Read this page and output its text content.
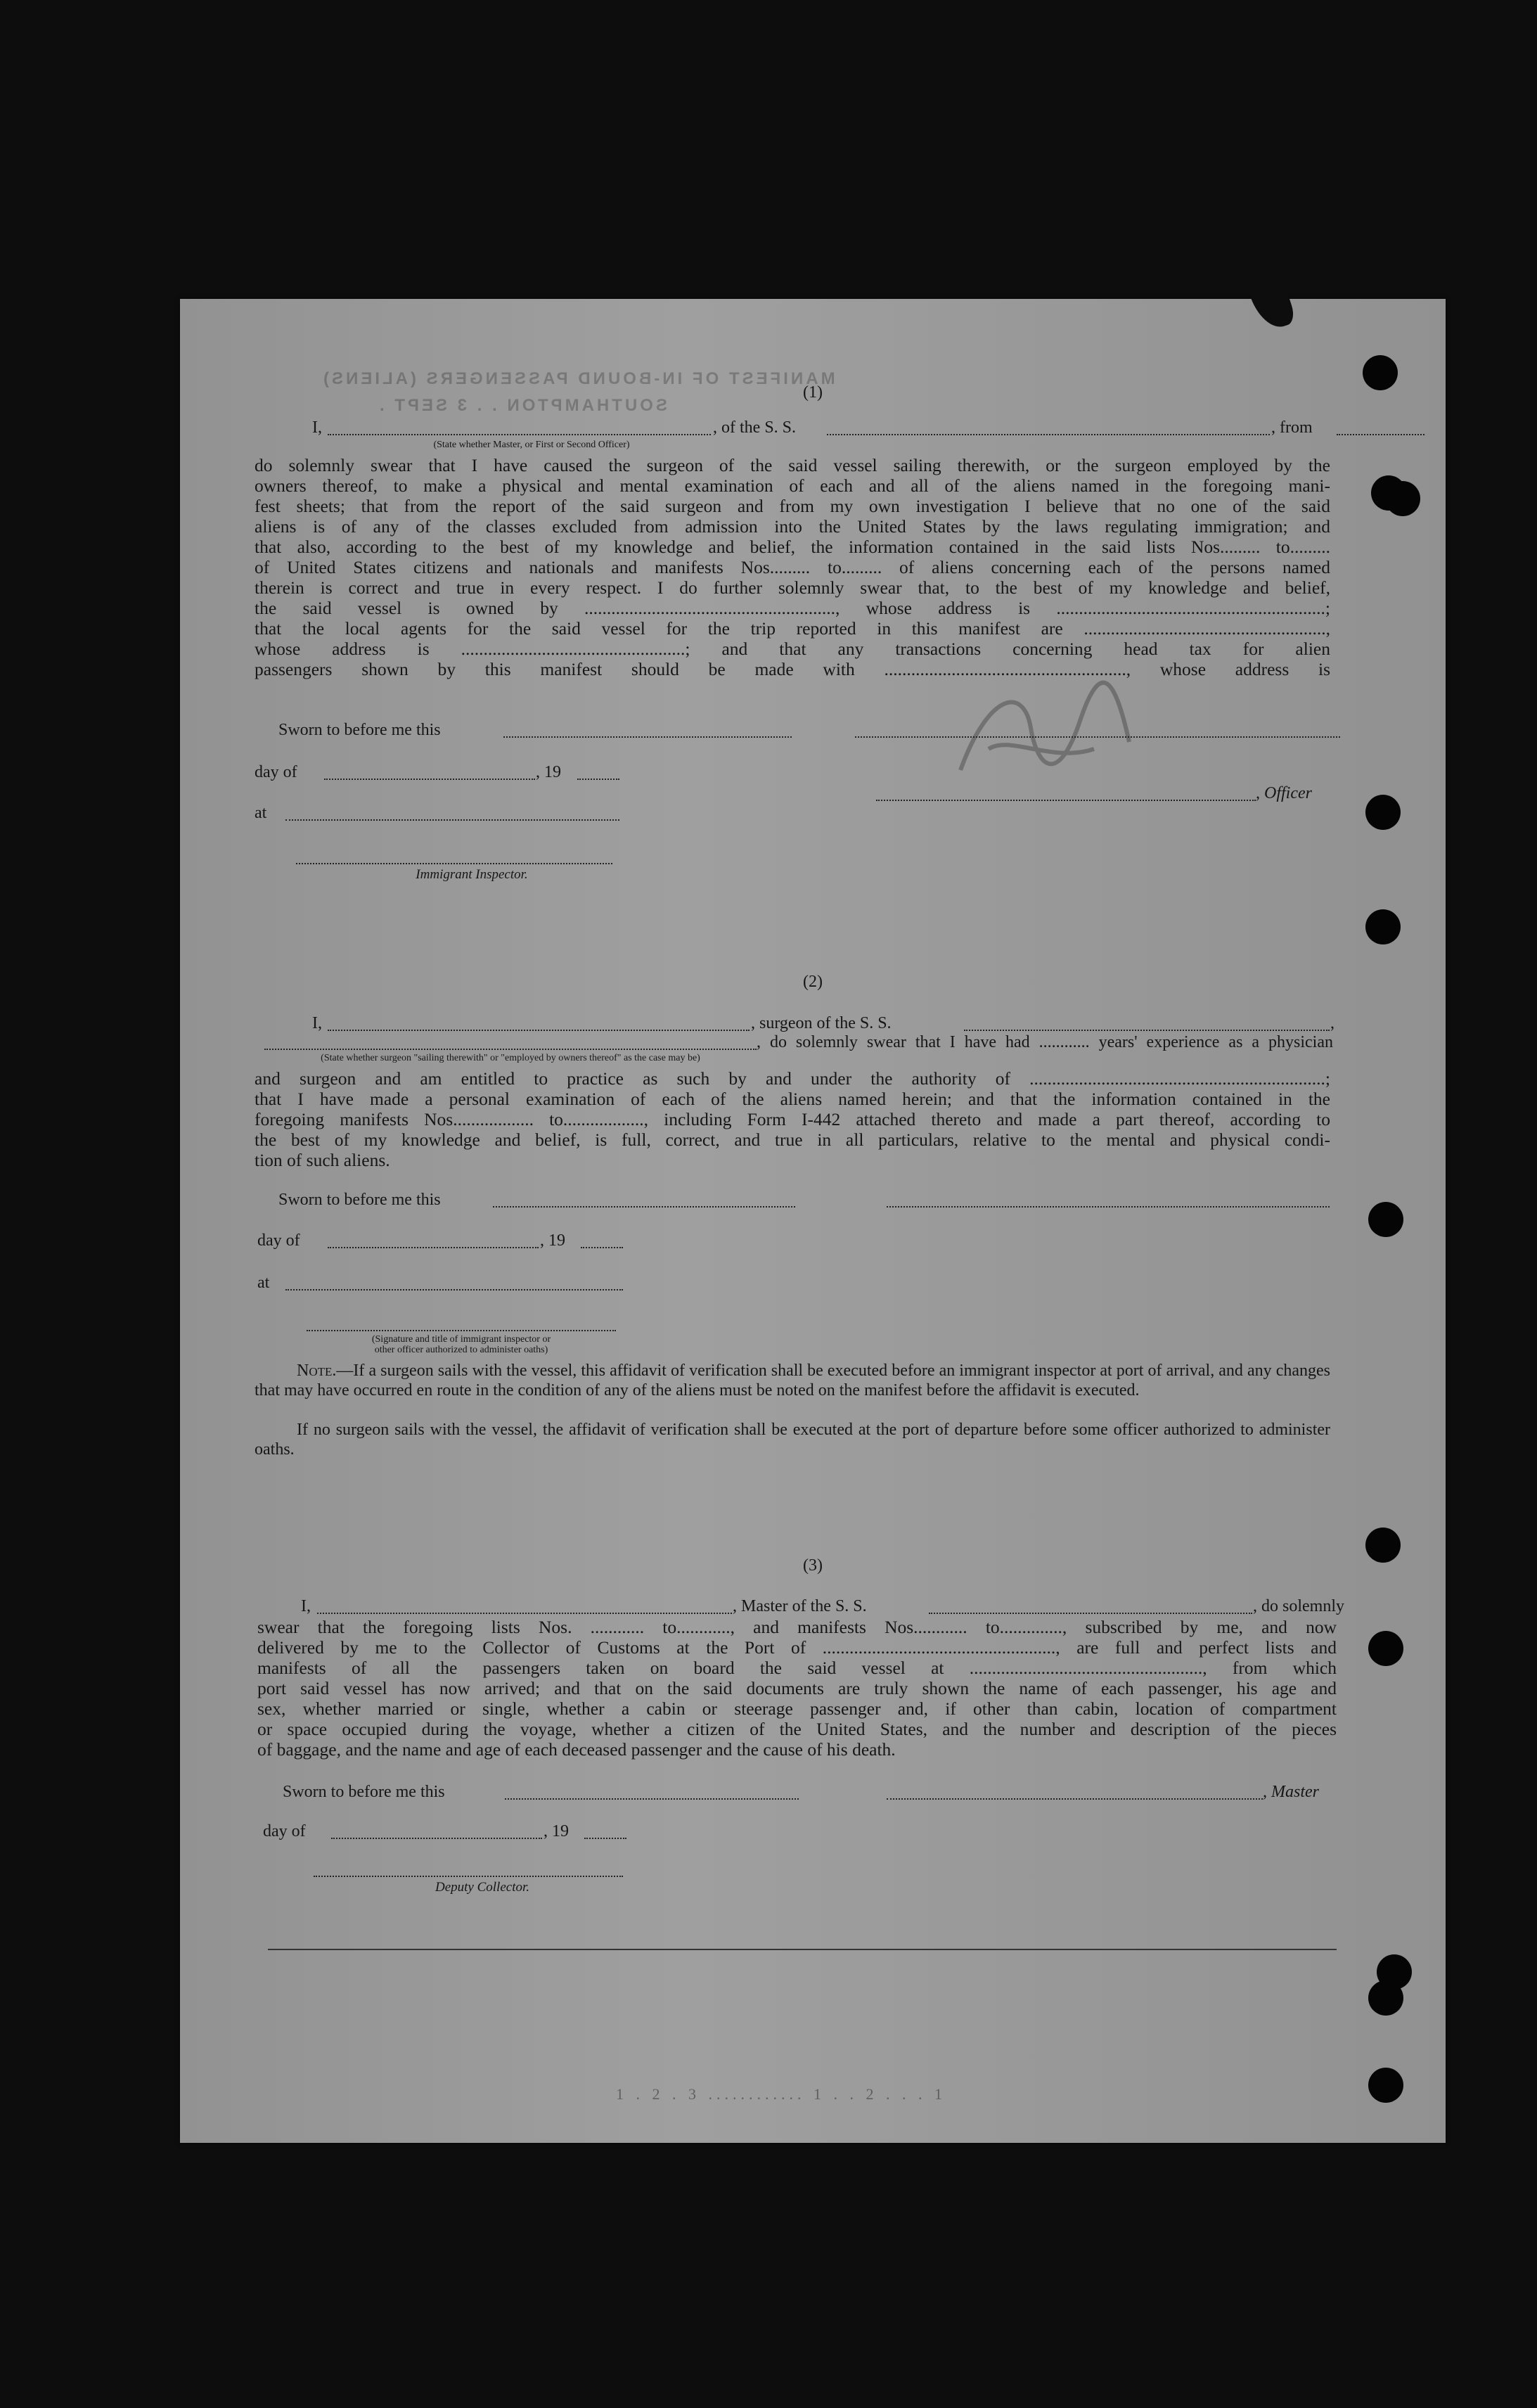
MANIFEST OF IN-BOUND PASSENGERS (ALIENS)
SOUTHAMPTON . . 3 SEPT .
(1)
I,	, of the S. S.	, from
(State whether Master, or First or Second Officer)
do solemnly swear that I have caused the surgeon of the said vessel sailing therewith, or the surgeon employed by the
owners thereof, to make a physical and mental examination of each and all of the aliens named in the foregoing mani-
fest sheets; that from the report of the said surgeon and from my own investigation I believe that no one of the said
aliens is of any of the classes excluded from admission into the United States by the laws regulating immigration; and
that also, according to the best of my knowledge and belief, the information contained in the said lists Nos......... to.........
of United States citizens and nationals and manifests Nos......... to......... of aliens concerning each of the persons named
therein is correct and true in every respect. I do further solemnly swear that, to the best of my knowledge and belief,
the said vessel is owned by ........................................................, whose address is ............................................................;
that the local agents for the said vessel for the trip reported in this manifest are ......................................................,
whose address is ..................................................; and that any transactions concerning head tax for alien
passengers shown by this manifest should be made with ......................................................, whose address is
Sworn to before me this
day of	, 19
, Officer
at
Immigrant Inspector.
(2)
I,	, surgeon of the S. S.	,
, do solemnly swear that I have had ............ years' experience as a physician
(State whether surgeon "sailing therewith" or "employed by owners thereof" as the case may be)
and surgeon and am entitled to practice as such by and under the authority of ..................................................................;
that I have made a personal examination of each of the aliens named herein; and that the information contained in the
foregoing manifests Nos.................. to.................., including Form I-442 attached thereto and made a part thereof, according to
the best of my knowledge and belief, is full, correct, and true in all particulars, relative to the mental and physical condi-
tion of such aliens.
Sworn to before me this
day of	, 19
at
(Signature and title of immigrant inspector or
other officer authorized to administer oaths)

Note.—If a surgeon sails with the vessel, this affidavit of verification shall be executed before an immigrant inspector at port of arrival, and any changes that may have occurred en route in the condition of any of the aliens must be noted on the manifest before the affidavit is executed.

If no surgeon sails with the vessel, the affidavit of verification shall be executed at the port of departure before some officer authorized to administer oaths.

(3)
I,	, Master of the S. S.	, do solemnly
swear that the foregoing lists Nos. ............ to............, and manifests Nos............ to.............., subscribed by me, and now
delivered by me to the Collector of Customs at the Port of ...................................................., are full and perfect lists and
manifests of all the passengers taken on board the said vessel at ...................................................., from which
port said vessel has now arrived; and that on the said documents are truly shown the name of each passenger, his age and
sex, whether married or single, whether a cabin or steerage passenger and, if other than cabin, location of compartment
or space occupied during the voyage, whether a citizen of the United States, and the number and description of the pieces
of baggage, and the name and age of each deceased passenger and the cause of his death.
Sworn to before me this	, Master
day of	, 19
Deputy Collector.
1 . 2 . 3 ............ 1 . . 2 . . . 1
